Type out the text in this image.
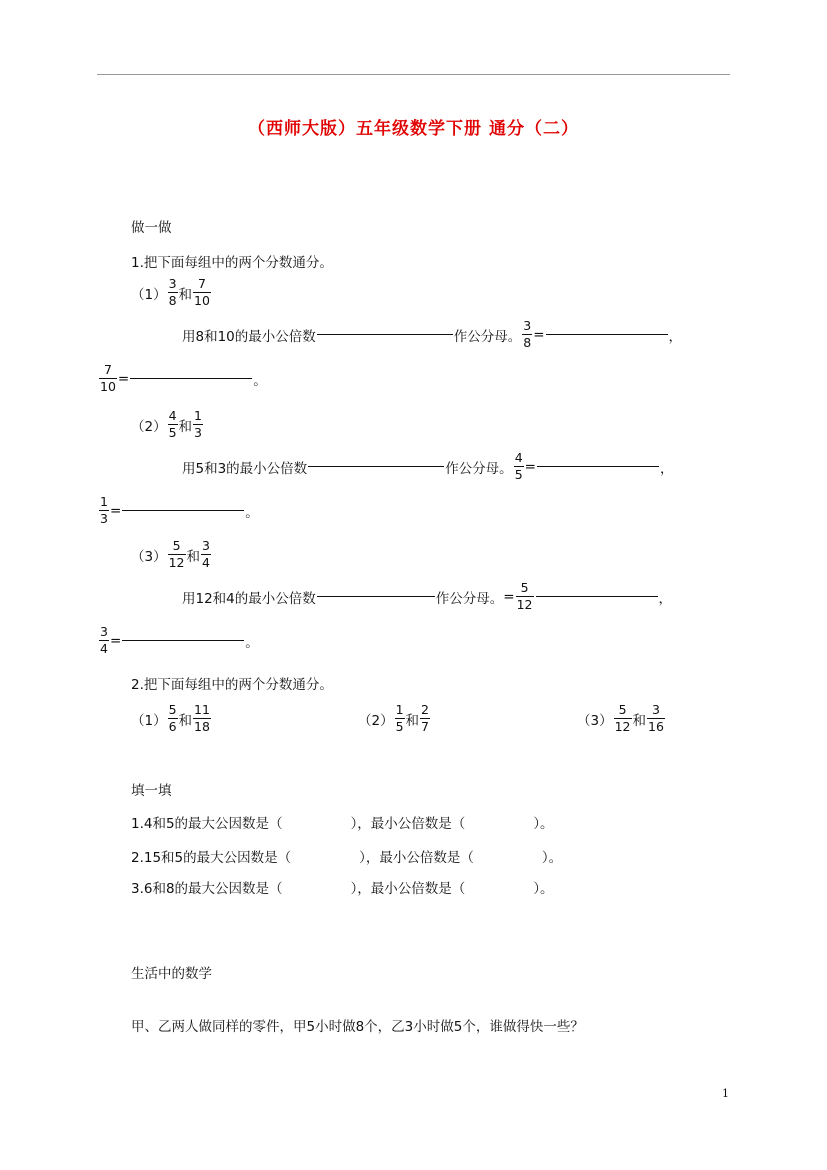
（西师大版）五年级数学下册 通分（二）
做一做
1.把下面每组中的两个分数通分。
$(1) \frac{3}{8}$ 和 $\frac{7}{10}$
用8和10的最小公倍数	作公分母。 $\frac{3}{8}$ =	，
$\frac{7}{10}$ =	。
$(2) \frac{4}{5}$ 和 $\frac{1}{3}$
用5和3的最小公倍数	作公分母。 $\frac{4}{5}$ =	，
$\frac{1}{3}$ =	。
$(3) \frac{5}{12}$ 和 $\frac{3}{4}$
用12和4的最小公倍数	作公分母。 = $\frac{5}{12}$	，
$\frac{3}{4}$ =	。
2.把下面每组中的两个分数通分。
$(1) \frac{5}{6}$ 和 $\frac{11}{18}$	$(2) \frac{1}{5}$ 和 $\frac{2}{7}$	$(3) \frac{5}{12}$ 和 $\frac{3}{16}$
填一填
1.4和5的最大公因数是（	），最小公倍数是（	）。
2.15和5的最大公因数是（	），最小公倍数是（	）。
3.6和8的最大公因数是（	），最小公倍数是（	）。
生活中的数学
甲、乙两人做同样的零件，甲5小时做8个，乙3小时做5个，谁做得快一些？
1
